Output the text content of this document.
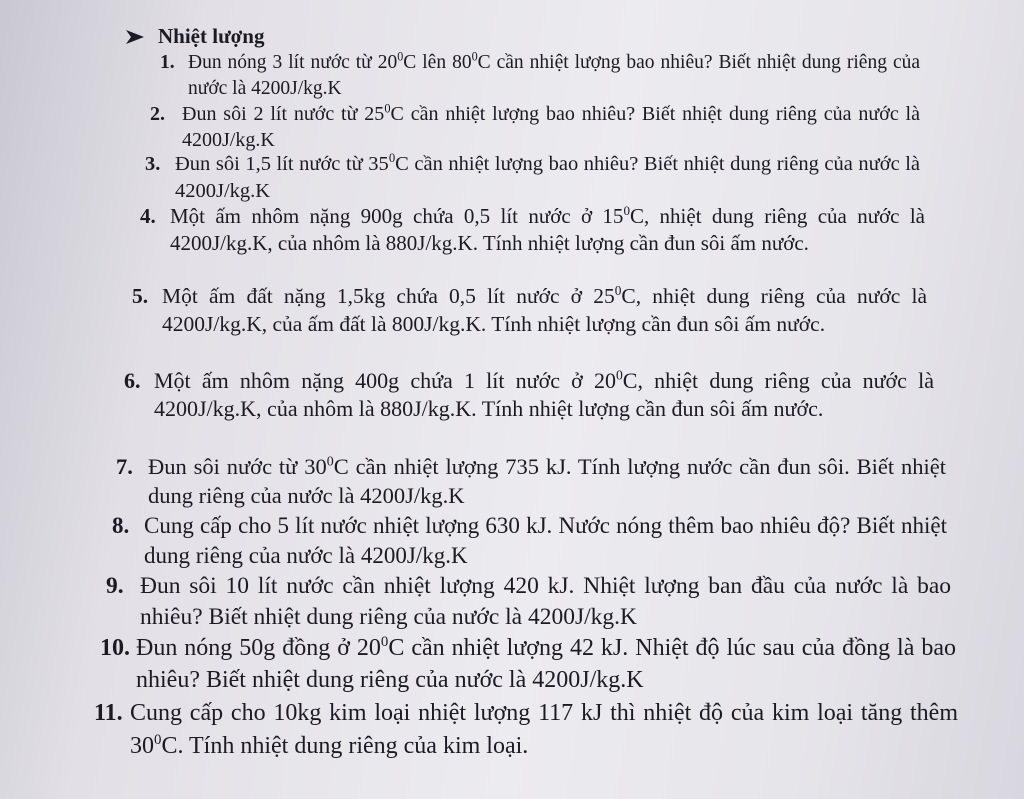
Nhiệt lượng
1. Đun nóng 3 lít nước từ $20^0C$ lên $80^0C$ cần nhiệt lượng bao nhiêu? Biết nhiệt dung riêng của nước là 4200J/kg.K
2. Đun sôi 2 lít nước từ $25^0C$ cần nhiệt lượng bao nhiêu? Biết nhiệt dung riêng của nước là 4200J/kg.K
3. Đun sôi 1,5 lít nước từ $35^0C$ cần nhiệt lượng bao nhiêu? Biết nhiệt dung riêng của nước là 4200J/kg.K
4. Một ấm nhôm nặng 900g chứa 0,5 lít nước ở $15^0C$, nhiệt dung riêng của nước là 4200J/kg.K, của nhôm là 880J/kg.K. Tính nhiệt lượng cần đun sôi ấm nước.
5. Một ấm đất nặng 1,5kg chứa 0,5 lít nước ở $25^0C$, nhiệt dung riêng của nước là 4200J/kg.K, của ấm đất là 800J/kg.K. Tính nhiệt lượng cần đun sôi ấm nước.
6. Một ấm nhôm nặng 400g chứa 1 lít nước ở $20^0C$, nhiệt dung riêng của nước là 4200J/kg.K, của nhôm là 880J/kg.K. Tính nhiệt lượng cần đun sôi ấm nước.
7. Đun sôi nước từ $30^0C$ cần nhiệt lượng 735 kJ. Tính lượng nước cần đun sôi. Biết nhiệt dung riêng của nước là 4200J/kg.K
8. Cung cấp cho 5 lít nước nhiệt lượng 630 kJ. Nước nóng thêm bao nhiêu độ? Biết nhiệt dung riêng của nước là 4200J/kg.K
9. Đun sôi 10 lít nước cần nhiệt lượng 420 kJ. Nhiệt lượng ban đầu của nước là bao nhiêu? Biết nhiệt dung riêng của nước là 4200J/kg.K
10. Đun nóng 50g đồng ở $20^0C$ cần nhiệt lượng 42 kJ. Nhiệt độ lúc sau của đồng là bao nhiêu? Biết nhiệt dung riêng của nước là 4200J/kg.K
11. Cung cấp cho 10kg kim loại nhiệt lượng 117 kJ thì nhiệt độ của kim loại tăng thêm $30^0C$. Tính nhiệt dung riêng của kim loại.
